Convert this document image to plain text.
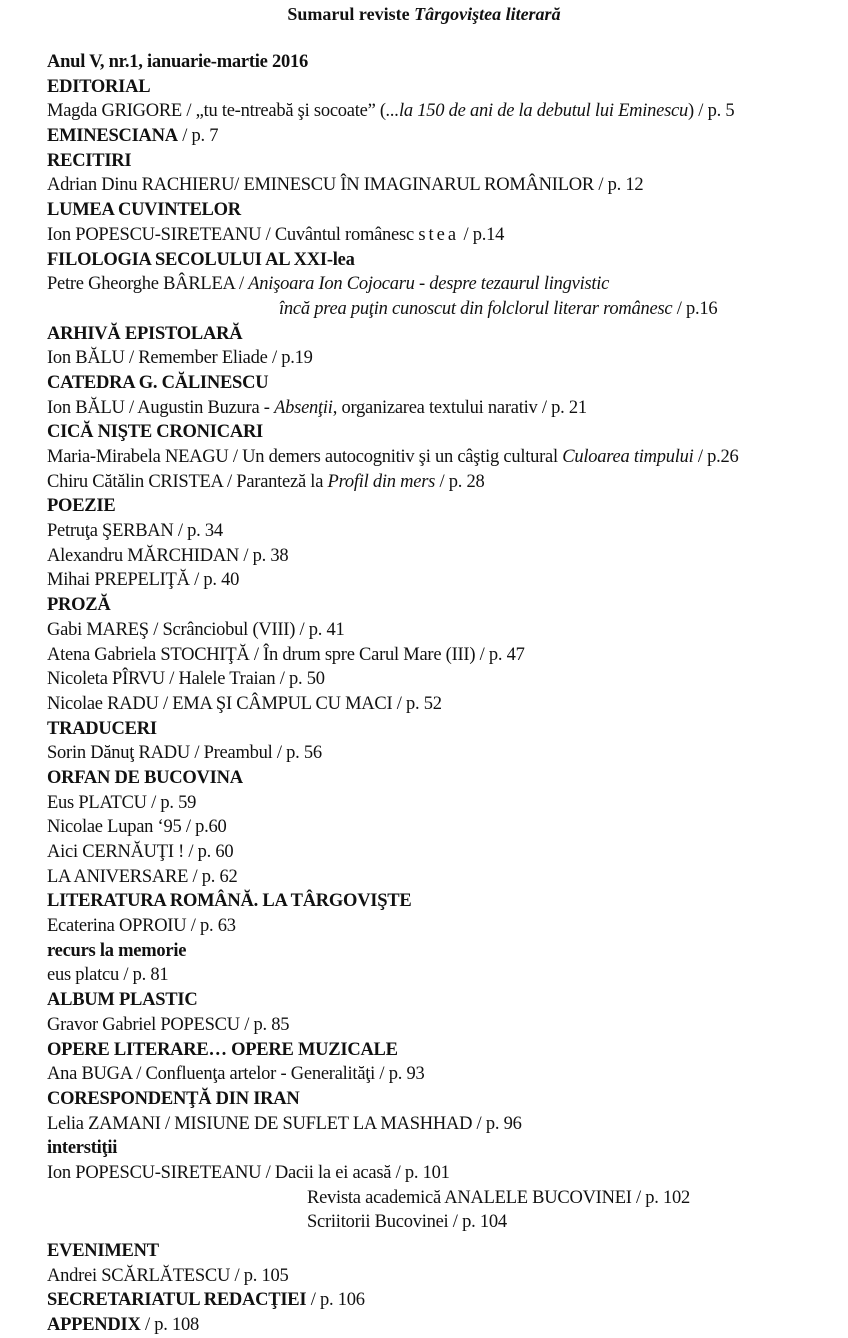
Sumarul reviste Târgoviştea literară
Anul V, nr.1, ianuarie-martie 2016
EDITORIAL
Magda GRIGORE / „tu te-ntreabă şi socoate” (...la 150 de ani de la debutul lui Eminescu) / p. 5
EMINESCIANA / p. 7
RECITIRI
Adrian Dinu RACHIERU/ EMINESCU ÎN IMAGINARUL ROMÂNILOR / p. 12
LUMEA CUVINTELOR
Ion POPESCU-SIRETEANU / Cuvântul românesc stea / p.14
FILOLOGIA SECOLULUI AL XXI-lea
Petre Gheorghe BÂRLEA / Anişoara Ion Cojocaru - despre tezaurul lingvistic
încă prea puţin cunoscut din folclorul literar românesc / p.16
ARHIVĂ EPISTOLARĂ
Ion BĂLU / Remember Eliade / p.19
CATEDRA G. CĂLINESCU
Ion BĂLU / Augustin Buzura - Absenţii, organizarea textului narativ / p. 21
CICĂ NIŞTE CRONICARI
Maria-Mirabela NEAGU / Un demers autocognitiv şi un câştig cultural Culoarea timpului / p.26
Chiru Cătălin CRISTEA / Paranteză la Profil din mers / p. 28
POEZIE
Petruţa ŞERBAN / p. 34
Alexandru MĂRCHIDAN / p. 38
Mihai PREPELIŢĂ / p. 40
PROZĂ
Gabi MAREŞ / Scrânciobul (VIII) / p. 41
Atena Gabriela STOCHIŢĂ / În drum spre Carul Mare (III) / p. 47
Nicoleta PÎRVU / Halele Traian / p. 50
Nicolae RADU / EMA ŞI CÂMPUL CU MACI / p. 52
TRADUCERI
Sorin Dănuţ RADU / Preambul / p. 56
ORFAN DE BUCOVINA
Eus PLATCU / p. 59
Nicolae Lupan ‘95 / p.60
Aici CERNĂUŢI ! / p. 60
LA ANIVERSARE / p. 62
LITERATURA ROMÂNĂ. LA TÂRGOVIŞTE
Ecaterina OPROIU / p. 63
recurs la memorie
eus platcu / p. 81
ALBUM PLASTIC
Gravor Gabriel POPESCU / p. 85
OPERE LITERARE… OPERE MUZICALE
Ana BUGA / Confluenţa artelor - Generalităţi / p. 93
CORESPONDENŢĂ DIN IRAN
Lelia ZAMANI / MISIUNE DE SUFLET LA MASHHAD / p. 96
interstiţii
Ion POPESCU-SIRETEANU / Dacii la ei acasă / p. 101
Revista academică ANALELE BUCOVINEI / p. 102
Scriitorii Bucovinei / p. 104
EVENIMENT
Andrei SCĂRLĂTESCU / p. 105
SECRETARIATUL REDACŢIEI / p. 106
APPENDIX / p. 108
